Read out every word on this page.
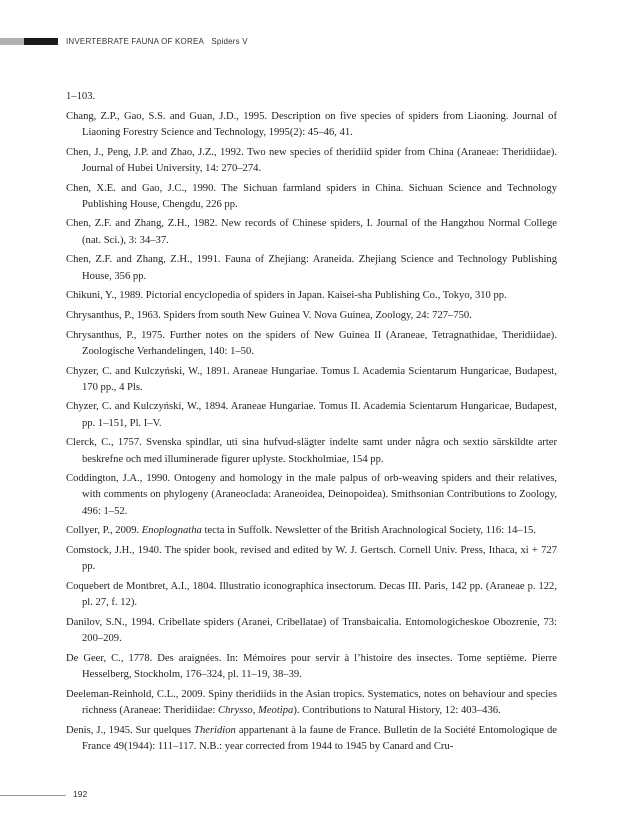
INVERTEBRATE FAUNA OF KOREA Spiders V

1–103.

Chang, Z.P., Gao, S.S. and Guan, J.D., 1995. Description on five species of spiders from Liaoning. Journal of Liaoning Forestry Science and Technology, 1995(2): 45–46, 41.

Chen, J., Peng, J.P. and Zhao, J.Z., 1992. Two new species of theridiid spider from China (Araneae: Theridiidae). Journal of Hubei University, 14: 270–274.

Chen, X.E. and Gao, J.C., 1990. The Sichuan farmland spiders in China. Sichuan Science and Technology Publishing House, Chengdu, 226 pp.

Chen, Z.F. and Zhang, Z.H., 1982. New records of Chinese spiders, I. Journal of the Hangzhou Normal College (nat. Sci.), 3: 34–37.

Chen, Z.F. and Zhang, Z.H., 1991. Fauna of Zhejiang: Araneida. Zhejiang Science and Technology Publishing House, 356 pp.

Chikuni, Y., 1989. Pictorial encyclopedia of spiders in Japan. Kaisei-sha Publishing Co., Tokyo, 310 pp.

Chrysanthus, P., 1963. Spiders from south New Guinea V. Nova Guinea, Zoology, 24: 727–750.

Chrysanthus, P., 1975. Further notes on the spiders of New Guinea II (Araneae, Tetragnathidae, Theridiidae). Zoologische Verhandelingen, 140: 1–50.

Chyzer, C. and Kulczyński, W., 1891. Araneae Hungariae. Tomus I. Academia Scientarum Hungaricae, Budapest, 170 pp., 4 Pls.

Chyzer, C. and Kulczyński, W., 1894. Araneae Hungariae. Tomus II. Academia Scientarum Hungaricae, Budapest, pp. 1–151, Pl. I–V.

Clerck, C., 1757. Svenska spindlar, uti sina hufvud-slägter indelte samt under några och sextio särskildte arter beskrefne och med illuminerade figurer uplyste. Stockholmiae, 154 pp.

Coddington, J.A., 1990. Ontogeny and homology in the male palpus of orb-weaving spiders and their relatives, with comments on phylogeny (Araneoclada: Araneoidea, Deinopoidea). Smithsonian Contributions to Zoology, 496: 1–52.

Collyer, P., 2009. Enoplognatha tecta in Suffolk. Newsletter of the British Arachnological Society, 116: 14–15.

Comstock, J.H., 1940. The spider book, revised and edited by W. J. Gertsch. Cornell Univ. Press, Ithaca, xi + 727 pp.

Coquebert de Montbret, A.I., 1804. Illustratio iconographica insectorum. Decas III. Paris, 142 pp. (Araneae p. 122, pl. 27, f. 12).

Danilov, S.N., 1994. Cribellate spiders (Aranei, Cribellatae) of Transbaicalia. Entomologicheskoe Obozrenie, 73: 200–209.

De Geer, C., 1778. Des araignées. In: Mémoires pour servir à l’histoire des insectes. Tome septième. Pierre Hesselberg, Stockholm, 176–324, pl. 11–19, 38–39.

Deeleman-Reinhold, C.L., 2009. Spiny theridiids in the Asian tropics. Systematics, notes on behaviour and species richness (Araneae: Theridiidae: Chrysso, Meotipa). Contributions to Natural History, 12: 403–436.

Denis, J., 1945. Sur quelques Theridion appartenant à la faune de France. Bulletin de la Société Entomologique de France 49(1944): 111–117. N.B.: year corrected from 1944 to 1945 by Canard and Cru-

192
